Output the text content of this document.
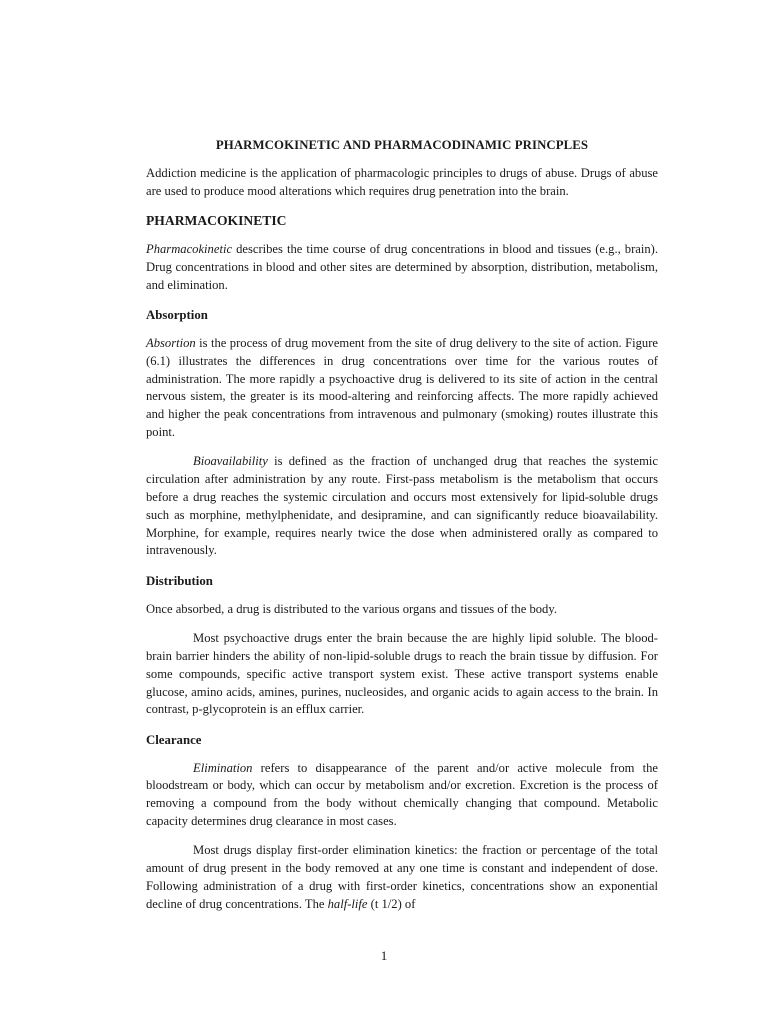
PHARMCOKINETIC AND PHARMACODINAMIC PRINCPLES

Addiction medicine is the application of pharmacologic principles to drugs of abuse. Drugs of abuse are used to produce mood alterations which requires drug penetration into the brain.

PHARMACOKINETIC

Pharmacokinetic describes the time course of drug concentrations in blood and tissues (e.g., brain). Drug concentrations in blood and other sites are determined by absorption, distribution, metabolism, and elimination.

Absorption

Absortion is the process of drug movement from the site of drug delivery to the site of action. Figure (6.1) illustrates the differences in drug concentrations over time for the various routes of administration. The more rapidly a psychoactive drug is delivered to its site of action in the central nervous sistem, the greater is its mood-altering and reinforcing affects. The more rapidly achieved and higher the peak concentrations from intravenous and pulmonary (smoking) routes illustrate this point.

Bioavailability is defined as the fraction of unchanged drug that reaches the systemic circulation after administration by any route. First-pass metabolism is the metabolism that occurs before a drug reaches the systemic circulation and occurs most extensively for lipid-soluble drugs such as morphine, methylphenidate, and desipramine, and can significantly reduce bioavailability. Morphine, for example, requires nearly twice the dose when administered orally as compared to intravenously.

Distribution

Once absorbed, a drug is distributed to the various organs and tissues of the body.

Most psychoactive drugs enter the brain because the are highly lipid soluble. The blood-brain barrier hinders the ability of non-lipid-soluble drugs to reach the brain tissue by diffusion. For some compounds, specific active transport system exist. These active transport systems enable glucose, amino acids, amines, purines, nucleosides, and organic acids to again access to the brain. In contrast, p-glycoprotein is an efflux carrier.

Clearance

Elimination refers to disappearance of the parent and/or active molecule from the bloodstream or body, which can occur by metabolism and/or excretion. Excretion is the process of removing a compound from the body without chemically changing that compound. Metabolic capacity determines drug clearance in most cases.

Most drugs display first-order elimination kinetics: the fraction or percentage of the total amount of drug present in the body removed at any one time is constant and independent of dose. Following administration of a drug with first-order kinetics, concentrations show an exponential decline of drug concentrations. The half-life (t 1/2) of

1
